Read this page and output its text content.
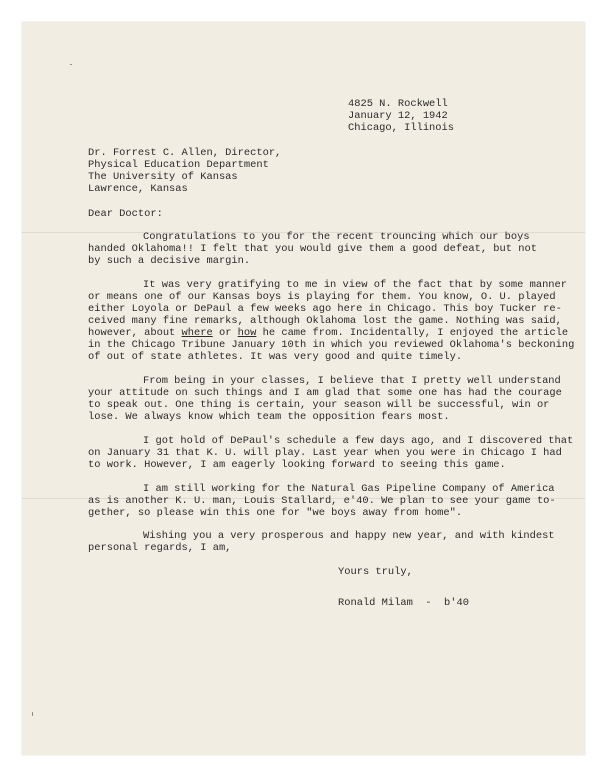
4825 N. Rockwell
January 12, 1942
Chicago, Illinois
Dr. Forrest C. Allen, Director,
Physical Education Department
The University of Kansas
Lawrence, Kansas
Dear Doctor:
Congratulations to you for the recent trouncing which our boys
handed Oklahoma!! I felt that you would give them a good defeat, but not
by such a decisive margin.
It was very gratifying to me in view of the fact that by some manner
or means one of our Kansas boys is playing for them. You know, O. U. played
either Loyola or DePaul a few weeks ago here in Chicago. This boy Tucker re-
ceived many fine remarks, although Oklahoma lost the game. Nothing was said,
however, about where or how he came from. Incidentally, I enjoyed the article
in the Chicago Tribune January 10th in which you reviewed Oklahoma's beckoning
of out of state athletes. It was very good and quite timely.
From being in your classes, I believe that I pretty well understand
your attitude on such things and I am glad that some one has had the courage
to speak out. One thing is certain, your season will be successful, win or
lose. We always know which team the opposition fears most.
I got hold of DePaul's schedule a few days ago, and I discovered that
on January 31 that K. U. will play. Last year when you were in Chicago I had
to work. However, I am eagerly looking forward to seeing this game.
I am still working for the Natural Gas Pipeline Company of America
as is another K. U. man, Louis Stallard, e'40. We plan to see your game to-
gether, so please win this one for "we boys away from home".
Wishing you a very prosperous and happy new year, and with kindest
personal regards, I am,
Yours truly,
Ronald Milam  -  b'40
